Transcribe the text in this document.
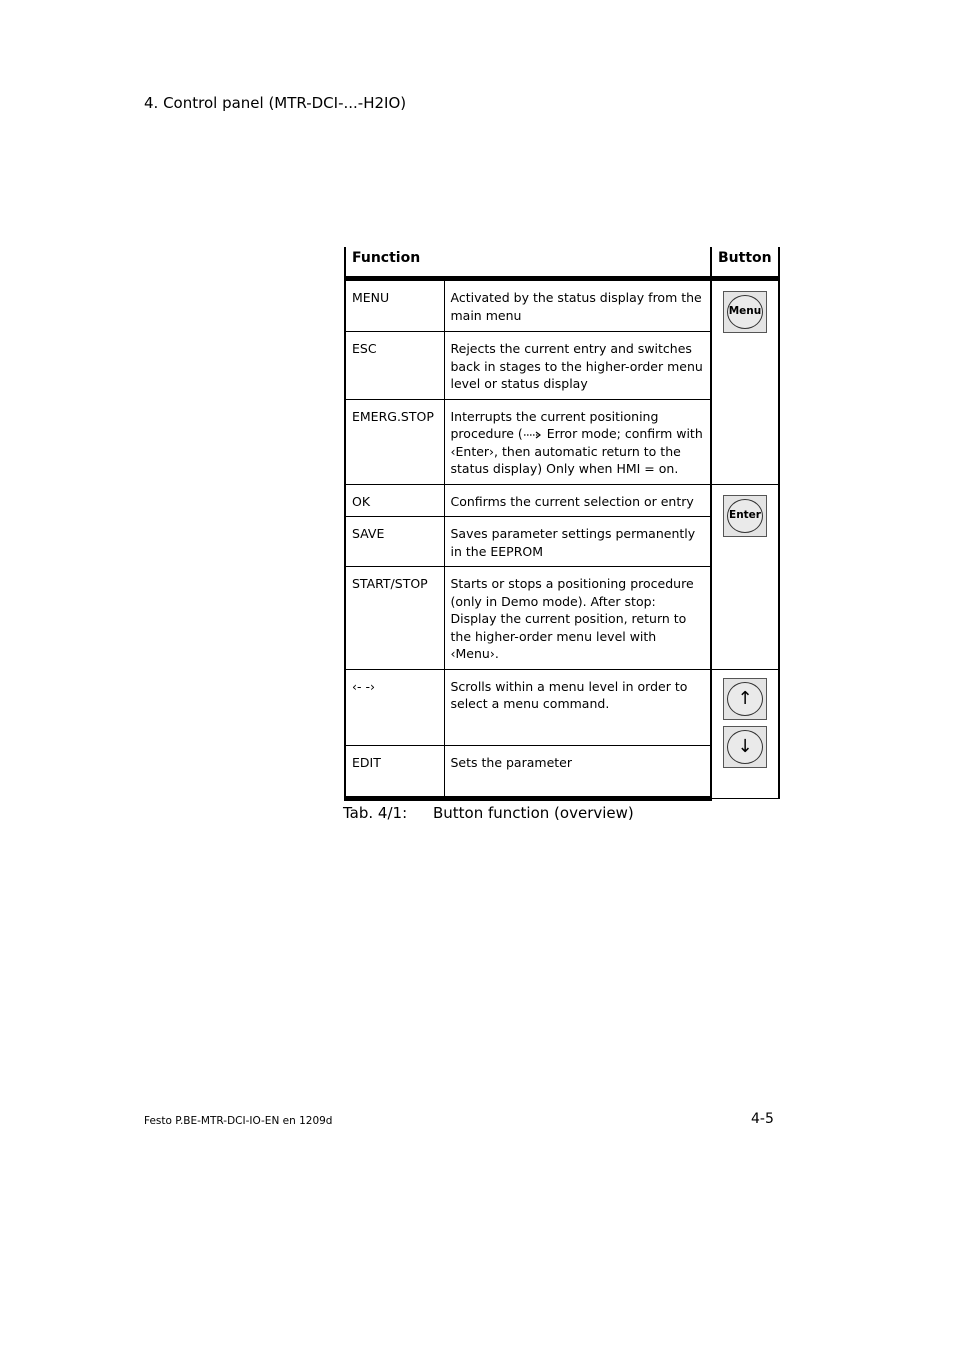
4. Control panel (MTR-DCI-...-H2IO)
Function		Button
MENU	Activated by the status display from the main menu	Menu

ESC	Rejects the current entry and switches back in stages to the higher-order menu level or status display	
EMERG.STOP	Interrupts the current positioning procedure ( Error mode; confirm with ‹Enter›, then automatic return to the status display) Only when HMI = on.	
OK	Confirms the current selection or entry	Enter

SAVE	Saves parameter settings permanently in the EEPROM	
START/STOP	Starts or stops a positioning procedure (only in Demo mode). After stop: Display the current position, return to the higher-order menu level with ‹Menu›.	
‹- -›	Scrolls within a menu level in order to select a menu command.	↑
↓

EDIT	Sets the parameter	
Tab. 4/1: Button function (overview)
Festo P.BE-MTR-DCI-IO-EN en 1209d	4-5
